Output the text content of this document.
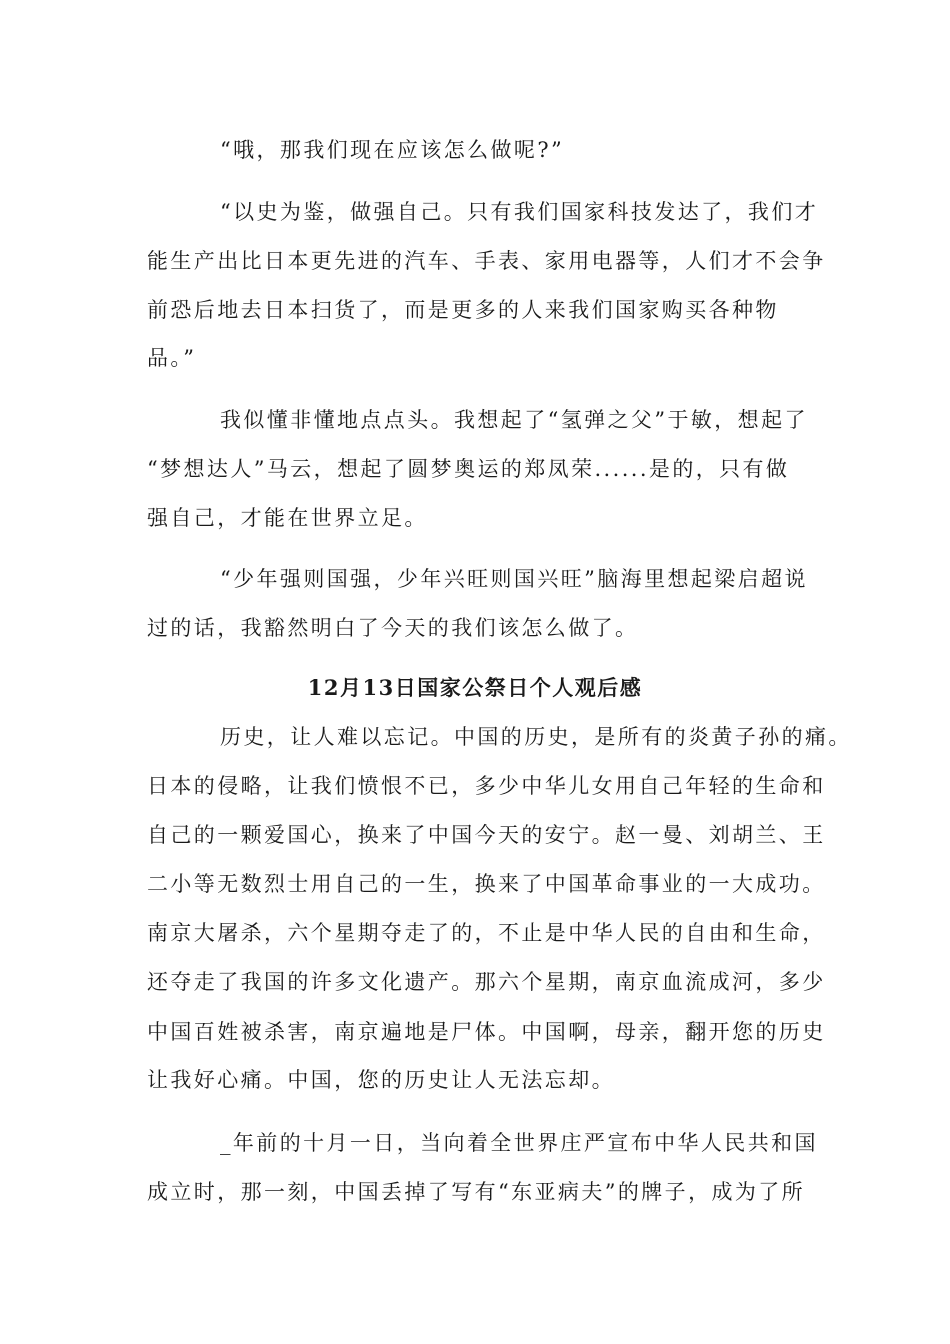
“哦，那我们现在应该怎么做呢?”
“以史为鉴，做强自己。只有我们国家科技发达了，我们才
能生产出比日本更先进的汽车、手表、家用电器等，人们才不会争
前恐后地去日本扫货了，而是更多的人来我们国家购买各种物
品。”
我似懂非懂地点点头。我想起了“氢弹之父”于敏，想起了
“梦想达人”马云，想起了圆梦奥运的郑凤荣......是的，只有做
强自己，才能在世界立足。
“少年强则国强，少年兴旺则国兴旺”脑海里想起梁启超说
过的话，我豁然明白了今天的我们该怎么做了。
12月13日国家公祭日个人观后感
历史，让人难以忘记。中国的历史，是所有的炎黄子孙的痛。
日本的侵略，让我们愤恨不已，多少中华儿女用自己年轻的生命和
自己的一颗爱国心，换来了中国今天的安宁。赵一曼、刘胡兰、王
二小等无数烈士用自己的一生，换来了中国革命事业的一大成功。
南京大屠杀，六个星期夺走了的，不止是中华人民的自由和生命，
还夺走了我国的许多文化遗产。那六个星期，南京血流成河，多少
中国百姓被杀害，南京遍地是尸体。中国啊，母亲，翻开您的历史
让我好心痛。中国，您的历史让人无法忘却。
_年前的十月一日，当向着全世界庄严宣布中华人民共和国
成立时，那一刻，中国丢掉了写有“东亚病夫”的牌子，成为了所
